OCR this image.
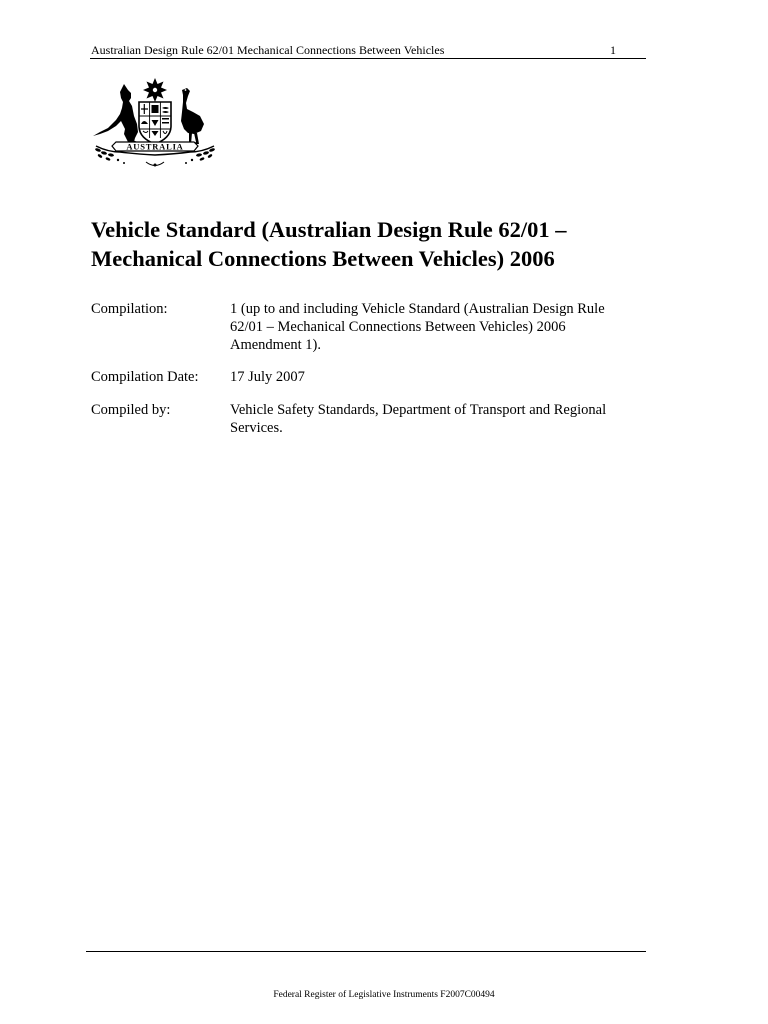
Australian Design Rule 62/01 Mechanical Connections Between Vehicles	1
AUSTRALIA
Vehicle Standard (Australian Design Rule 62/01 –
Mechanical Connections Between Vehicles) 2006
Compilation:	1 (up to and including Vehicle Standard (Australian Design Rule
62/01 – Mechanical Connections Between Vehicles) 2006
Amendment 1).
Compilation Date:	17 July 2007
Compiled by:	Vehicle Safety Standards, Department of Transport and Regional
Services.
Federal Register of Legislative Instruments F2007C00494
